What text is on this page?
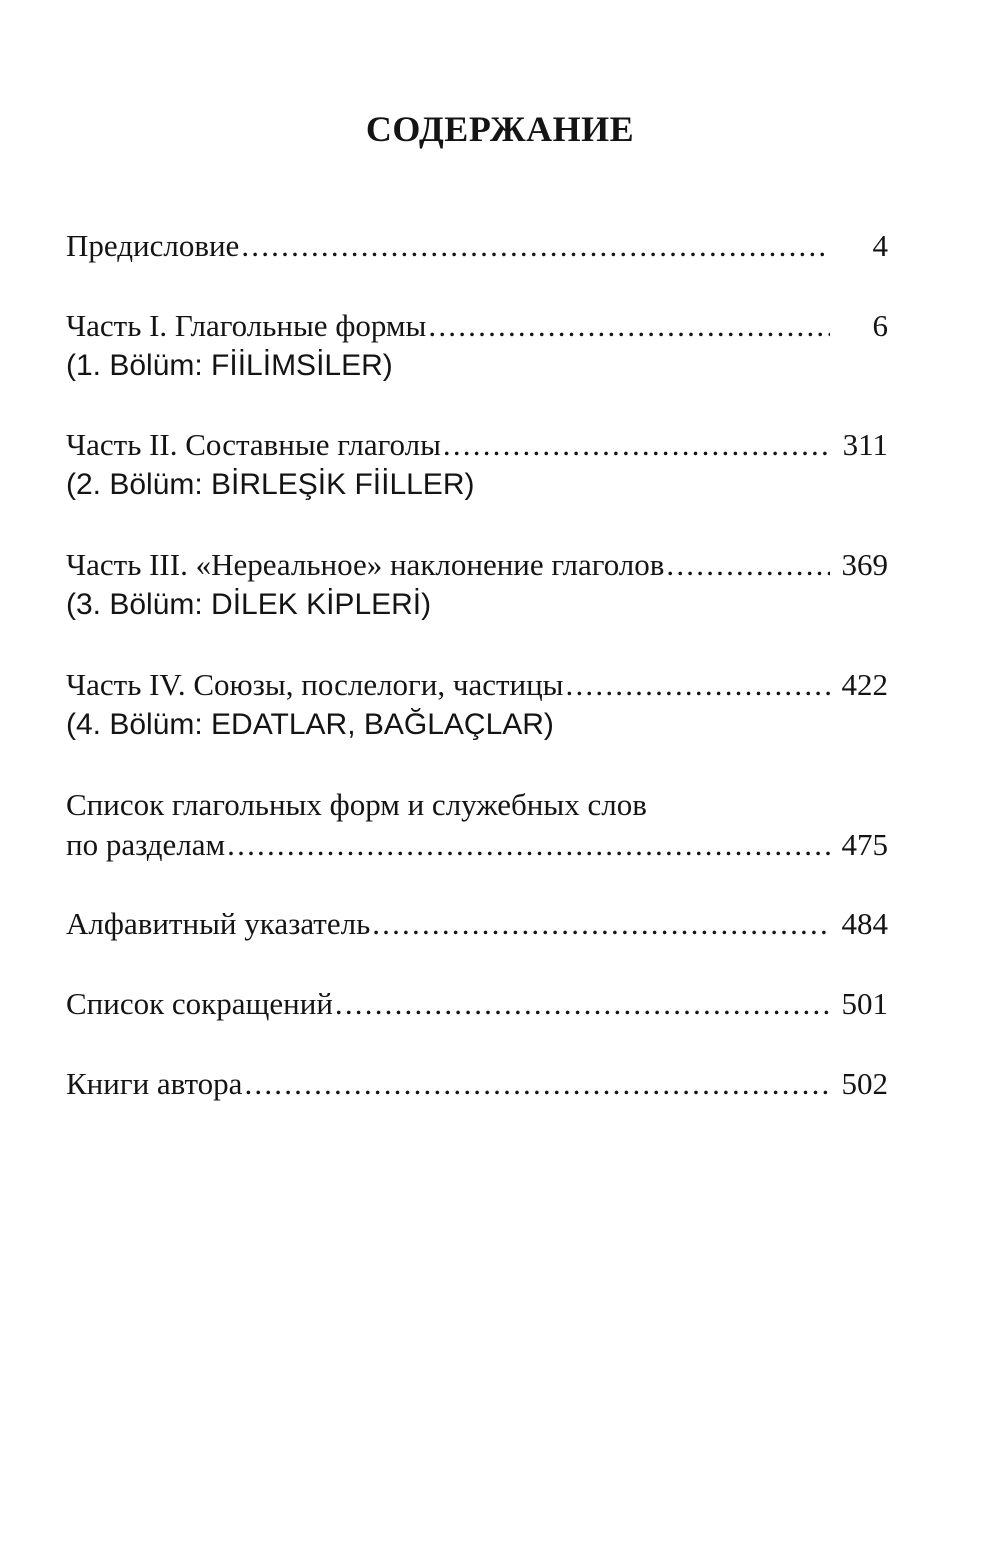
СОДЕРЖАНИЕ
Предисловие .....	4
Часть I. Глагольные формы .....	6
(1. Bölüm: FİİLİMSİLER)
Часть II. Составные глаголы .....	311
(2. Bölüm: BİRLEŞİK FİİLLER)
Часть III. «Нереальное» наклонение глаголов .....	369
(3. Bölüm: DİLEK KİPLERİ)
Часть IV. Союзы, послелоги, частицы .....	422
(4. Bölüm: EDATLAR, BAĞLAÇLAR)
Список глагольных форм и служебных слов
по разделам .....	475
Алфавитный указатель .....	484
Список сокращений .....	501
Книги автора .....	502
